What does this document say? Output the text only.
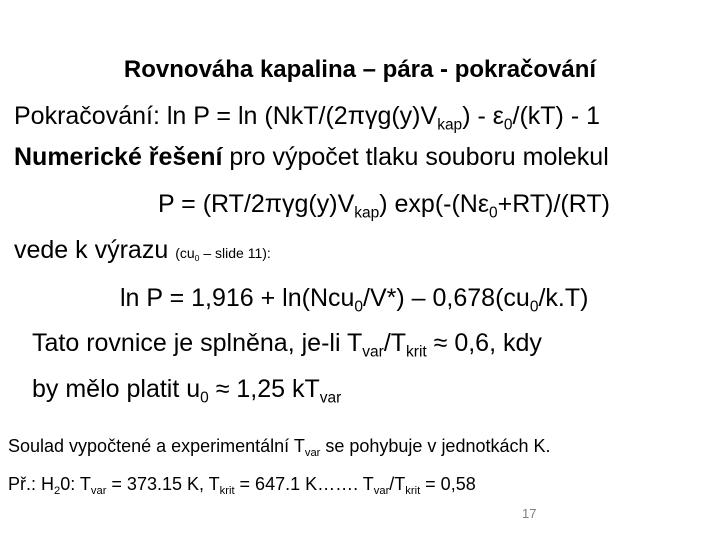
Rovnováha kapalina – pára - pokračování
Pokračování: $\ln P = \ln (NkT/(2\pi\gamma g(y)V_{kap}) - \varepsilon_0/(kT) - 1$
Numerické řešení pro výpočet tlaku souboru molekul
$P = (RT/2\pi\gamma g(y)V_{kap})$ $\exp(-(N\varepsilon_0+RT)/(RT)$
vede k výrazu ($cu_0$ – slide 11):
$\ln P = 1,916 + \ln(Ncu_0/V*) - 0,678(cu_0/k.T)$
Tato rovnice je splněna, je-li $T_{var}/T_{krit} \approx 0,6$, kdy
by mělo platit $u_0 \approx 1,25$ $kT_{var}$
Soulad vypočtené a experimentální $T_{var}$ se pohybuje v jednotkách K.
Př.: $H_20$: $T_{var} = 373.15$ K, $T_{krit} = 647.1$ K……. $T_{var}/T_{krit} = 0,58$
17
